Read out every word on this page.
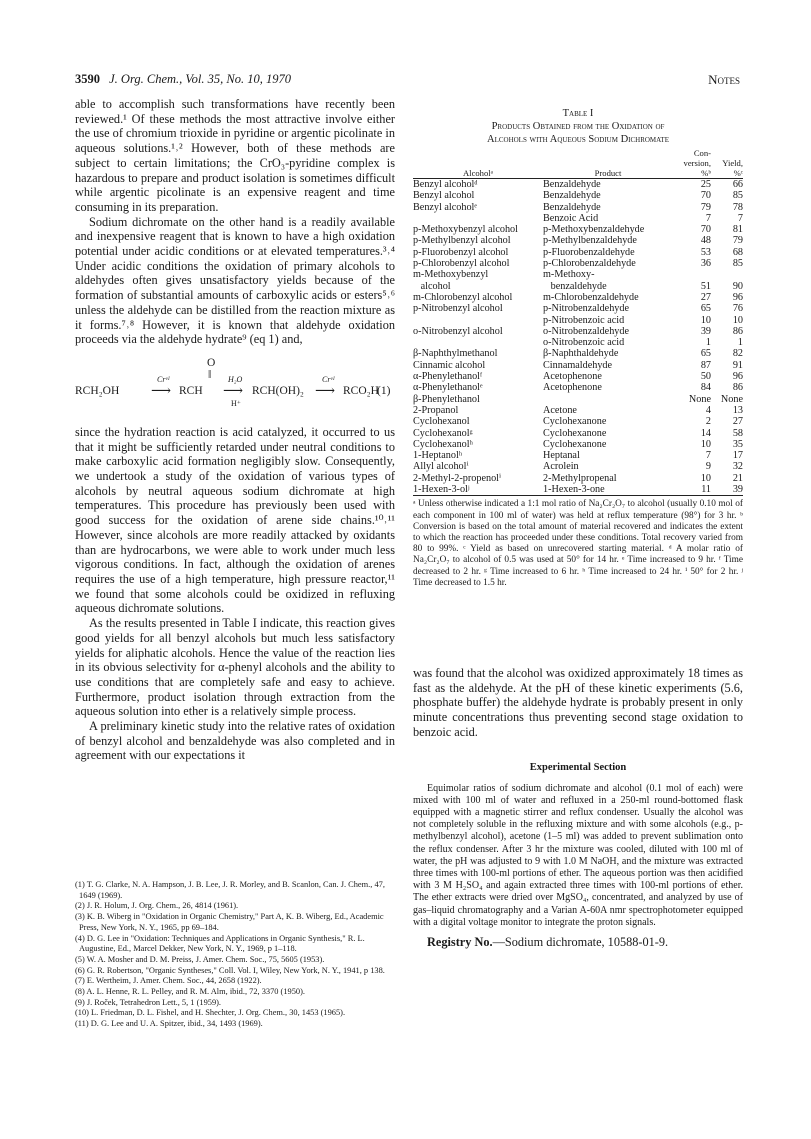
3590 J. Org. Chem., Vol. 35, No. 10, 1970	Notes

able to accomplish such transformations have recently been reviewed.¹ Of these methods the most attractive involve either the use of chromium trioxide in pyridine or argentic picolinate in aqueous solutions.¹˒² However, both of these methods are subject to certain limitations; the CrO₃-pyridine complex is hazardous to prepare and product isolation is sometimes difficult while argentic picolinate is an expensive reagent and time consuming in its preparation.

Sodium dichromate on the other hand is a readily available and inexpensive reagent that is known to have a high oxidation potential under acidic conditions or at elevated temperatures.³˒⁴ Under acidic conditions the oxidation of primary alcohols to aldehydes often gives unsatisfactory yields because of the formation of substantial amounts of carboxylic acids or esters⁵˒⁶ unless the aldehyde can be distilled from the reaction mixture as it forms.⁷˒⁸ However, it is known that aldehyde oxidation proceeds via the aldehyde hydrate⁹ (eq 1) and,

O
‖
RCH₂OH
Crᵛᴵ
⟶ RCH
H₂O
⟶
H⁺
RCH(OH)₂
Crᵛᴵ
⟶ RCO₂H
(1)

since the hydration reaction is acid catalyzed, it occurred to us that it might be sufficiently retarded under neutral conditions to make carboxylic acid formation negligibly slow. Consequently, we undertook a study of the oxidation of various types of alcohols by neutral aqueous sodium dichromate at high temperatures. This procedure has previously been used with good success for the oxidation of arene side chains.¹⁰˒¹¹ However, since alcohols are more readily attacked by oxidants than are hydrocarbons, we were able to work under much less vigorous conditions. In fact, although the oxidation of arenes requires the use of a high temperature, high pressure reactor,¹¹ we found that some alcohols could be oxidized in refluxing aqueous dichromate solutions.

As the results presented in Table I indicate, this reaction gives good yields for all benzyl alcohols but much less satisfactory yields for aliphatic alcohols. Hence the value of the reaction lies in its obvious selectivity for α-phenyl alcohols and the ability to use conditions that are completely safe and easy to achieve. Furthermore, product isolation through extraction from the aqueous solution into ether is a relatively simple process.

A preliminary kinetic study into the relative rates of oxidation of benzyl alcohol and benzaldehyde was also completed and in agreement with our expectations it

(1) T. G. Clarke, N. A. Hampson, J. B. Lee, J. R. Morley, and B. Scanlon, Can. J. Chem., 47, 1649 (1969).
(2) J. R. Holum, J. Org. Chem., 26, 4814 (1961).
(3) K. B. Wiberg in "Oxidation in Organic Chemistry," Part A, K. B. Wiberg, Ed., Academic Press, New York, N. Y., 1965, pp 69–184.
(4) D. G. Lee in "Oxidation: Techniques and Applications in Organic Synthesis," R. L. Augustine, Ed., Marcel Dekker, New York, N. Y., 1969, p 1–118.
(5) W. A. Mosher and D. M. Preiss, J. Amer. Chem. Soc., 75, 5605 (1953).
(6) G. R. Robertson, "Organic Syntheses," Coll. Vol. I, Wiley, New York, N. Y., 1941, p 138.
(7) E. Wertheim, J. Amer. Chem. Soc., 44, 2658 (1922).
(8) A. L. Henne, R. L. Pelley, and R. M. Alm, ibid., 72, 3370 (1950).
(9) J. Roček, Tetrahedron Lett., 5, 1 (1959).
(10) L. Friedman, D. L. Fishel, and H. Shechter, J. Org. Chem., 30, 1453 (1965).
(11) D. G. Lee and U. A. Spitzer, ibid., 34, 1493 (1969).
Table I
Products Obtained from the Oxidation of
Alcohols with Aqueous Sodium Dichromate
Alcoholᵃ	Product	Con- version, %ᵇ	Yield, %ᶜ
Benzyl alcoholᵈ	Benzaldehyde	25	66
Benzyl alcohol	Benzaldehyde	70	85
Benzyl alcoholᵉ	Benzaldehyde	79	78
	Benzoic Acid	7	7
p-Methoxybenzyl alcohol	p-Methoxybenzaldehyde	70	81
p-Methylbenzyl alcohol	p-Methylbenzaldehyde	48	79
p-Fluorobenzyl alcohol	p-Fluorobenzaldehyde	53	68
p-Chlorobenzyl alcohol	p-Chlorobenzaldehyde	36	85
m-Methoxybenzyl	m-Methoxy-		
alcohol	benzaldehyde	51	90
m-Chlorobenzyl alcohol	m-Chlorobenzaldehyde	27	96
p-Nitrobenzyl alcohol	p-Nitrobenzaldehyde	65	76
	p-Nitrobenzoic acid	10	10
o-Nitrobenzyl alcohol	o-Nitrobenzaldehyde	39	86
	o-Nitrobenzoic acid	1	1
β-Naphthylmethanol	β-Naphthaldehyde	65	82
Cinnamic alcohol	Cinnamaldehyde	87	91
α-Phenylethanolᶠ	Acetophenone	50	96
α-Phenylethanolᵉ	Acetophenone	84	86
β-Phenylethanol		None	None
2-Propanol	Acetone	4	13
Cyclohexanol	Cyclohexanone	2	27
Cyclohexanolᵍ	Cyclohexanone	14	58
Cyclohexanolʰ	Cyclohexanone	10	35
1-Heptanolʰ	Heptanal	7	17
Allyl alcoholⁱ	Acrolein	9	32
2-Methyl-2-propenolⁱ	2-Methylpropenal	10	21
1-Hexen-3-olʲ	1-Hexen-3-one	11	39
ᵃ Unless otherwise indicated a 1:1 mol ratio of Na₂Cr₂O₇ to alcohol (usually 0.10 mol of each component in 100 ml of water) was held at reflux temperature (98°) for 3 hr. ᵇ Conversion is based on the total amount of material recovered and indicates the extent to which the reaction has proceeded under these conditions. Total recovery varied from 80 to 99%. ᶜ Yield as based on unrecovered starting material. ᵈ A molar ratio of Na₂Cr₂O₇ to alcohol of 0.5 was used at 50° for 14 hr. ᵉ Time increased to 9 hr. ᶠ Time decreased to 2 hr. ᵍ Time increased to 6 hr. ʰ Time increased to 24 hr. ⁱ 50° for 2 hr. ʲ Time decreased to 1.5 hr.

was found that the alcohol was oxidized approximately 18 times as fast as the aldehyde. At the pH of these kinetic experiments (5.6, phosphate buffer) the aldehyde hydrate is probably present in only minute concentrations thus preventing second stage oxidation to benzoic acid.

Experimental Section

Equimolar ratios of sodium dichromate and alcohol (0.1 mol of each) were mixed with 100 ml of water and refluxed in a 250-ml round-bottomed flask equipped with a magnetic stirrer and reflux condenser. Usually the alcohol was not completely soluble in the refluxing mixture and with some alcohols (e.g., p-methylbenzyl alcohol), acetone (1–5 ml) was added to prevent sublimation onto the reflux condenser. After 3 hr the mixture was cooled, diluted with 100 ml of water, the pH was adjusted to 9 with 1.0 M NaOH, and the mixture was extracted three times with 100-ml portions of ether. The aqueous portion was then acidified with 3 M H₂SO₄ and again extracted three times with 100-ml portions of ether. The ether extracts were dried over MgSO₄, concentrated, and analyzed by use of gas–liquid chromatography and a Varian A-60A nmr spectrophotometer equipped with a digital voltage monitor to integrate the proton signals.

Registry No.—Sodium dichromate, 10588-01-9.
